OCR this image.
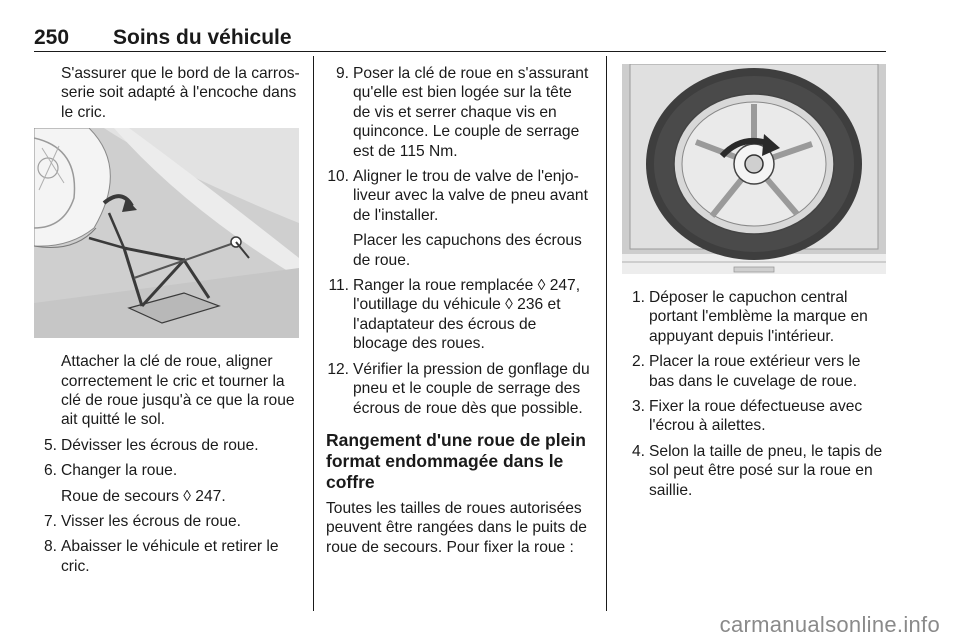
250 Soins du véhicule

S'assurer que le bord de la carrosserie soit adapté à l'encoche dans le cric.

Attacher la clé de roue, aligner correctement le cric et tourner la clé de roue jusqu'à ce que la roue ait quitté le sol.

5. Dévisser les écrous de roue.
6. Changer la roue.

Roue de secours ◊ 247.

7. Visser les écrous de roue.
8. Abaisser le véhicule et retirer le cric.
9. Poser la clé de roue en s'assurant qu'elle est bien logée sur la tête de vis et serrer chaque vis en quinconce. Le couple de serrage est de 115 Nm.
10. Aligner le trou de valve de l'enjoliveur avec la valve de pneu avant de l'installer.

Placer les capuchons des écrous de roue.

11. Ranger la roue remplacée ◊ 247, l'outillage du véhicule ◊ 236 et l'adaptateur des écrous de blocage des roues.
12. Vérifier la pression de gonflage du pneu et le couple de serrage des écrous de roue dès que possible.
Rangement d'une roue de plein format endommagée dans le coffre

Toutes les tailles de roues autorisées peuvent être rangées dans le puits de roue de secours. Pour fixer la roue :

1. Déposer le capuchon central portant l'emblème la marque en appuyant depuis l'intérieur.
2. Placer la roue extérieur vers le bas dans le cuvelage de roue.
3. Fixer la roue défectueuse avec l'écrou à ailettes.
4. Selon la taille de pneu, le tapis de sol peut être posé sur la roue en saillie.
carmanualsonline.info
